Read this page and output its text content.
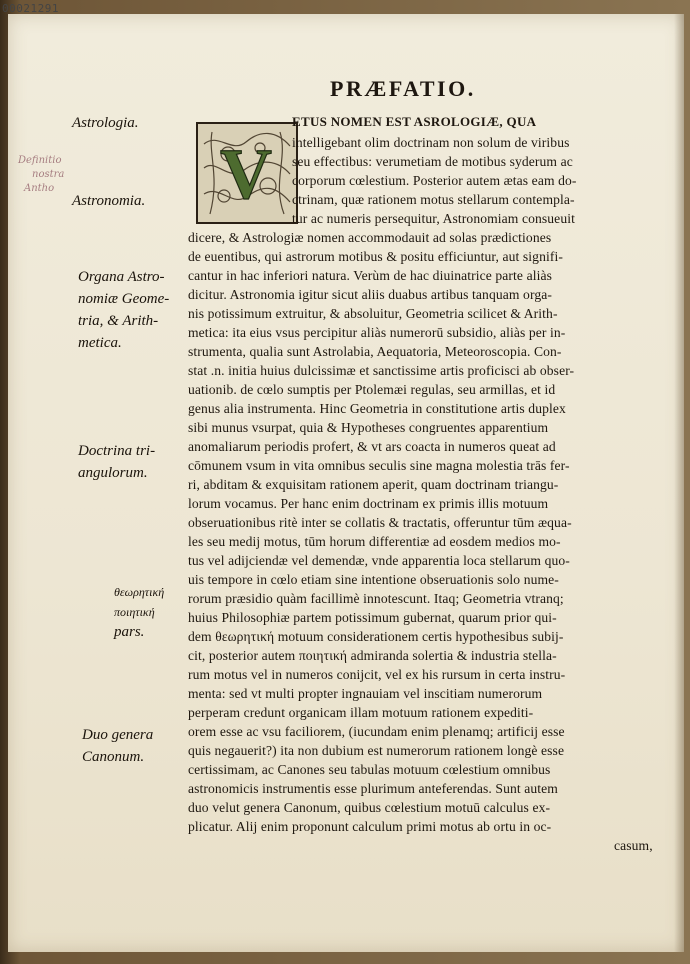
PRÆFATIO.
Definitio
nostra
Antho
Astrologia.
Astronomia.
Organa Astro-
nomiæ Geome-
tria, & Arith-
metica.
Doctrina tri-
angulorum.
θεωρητική
ποιητική
pars.
Duo genera
Canonum.
V
ETUS NOMEN EST ASROLOGIÆ, QUA
intelligebant olim doctrinam non solum de viribus
seu effectibus: verumetiam de motibus syderum ac
corporum cœlestium. Posterior autem ætas eam do-
ctrinam, quæ rationem motus stellarum contempla-
tur ac numeris persequitur, Astronomiam consueuit
dicere, & Astrologiæ nomen accommodauit ad solas prædictiones
de euentibus, qui astrorum motibus & positu efficiuntur, aut signifi-
cantur in hac inferiori natura. Verùm de hac diuinatrice parte aliàs
dicitur. Astronomia igitur sicut aliis duabus artibus tanquam orga-
nis potissimum extruitur, & absoluitur, Geometria scilicet & Arith-
metica: ita eius vsus percipitur aliàs numerorū subsidio, aliàs per in-
strumenta, qualia sunt Astrolabia, Aequatoria, Meteoroscopia. Con-
stat .n. initia huius dulcissimæ et sanctissime artis proficisci ab obser-
uationib. de cœlo sumptis per Ptolemæi regulas, seu armillas, et id
genus alia instrumenta. Hinc Geometria in constitutione artis duplex
sibi munus vsurpat, quia & Hypotheses congruentes apparentium
anomaliarum periodis profert, & vt ars coacta in numeros queat ad
cōmunem vsum in vita omnibus seculis sine magna molestia trās fer-
ri, abditam & exquisitam rationem aperit, quam doctrinam triangu-
lorum vocamus. Per hanc enim doctrinam ex primis illis motuum
obseruationibus ritè inter se collatis & tractatis, offeruntur tūm æqua-
les seu medij motus, tūm horum differentiæ ad eosdem medios mo-
tus vel adijciendæ vel demendæ, vnde apparentia loca stellarum quo-
uis tempore in cœlo etiam sine intentione obseruationis solo nume-
rorum præsidio quàm facillimè innotescunt. Itaq; Geometria vtranq;
huius Philosophiæ partem potissimum gubernat, quarum prior qui-
dem θεωρητική motuum considerationem certis hypothesibus subij-
cit, posterior autem ποιητική admiranda solertia & industria stella-
rum motus vel in numeros conijcit, vel ex his rursum in certa instru-
menta: sed vt multi propter ingnauiam vel inscitiam numerorum
perperam credunt organicam illam motuum rationem expediti-
orem esse ac vsu faciliorem, (iucundam enim plenamq; artificij esse
quis negauerit?) ita non dubium est numerorum rationem longè esse
certissimam, ac Canones seu tabulas motuum cœlestium omnibus
astronomicis instrumentis esse plurimum anteferendas. Sunt autem
duo velut genera Canonum, quibus cœlestium motuū calculus ex-
plicatur. Alij enim proponunt calculum primi motus ab ortu in oc-
casum,
00021291
